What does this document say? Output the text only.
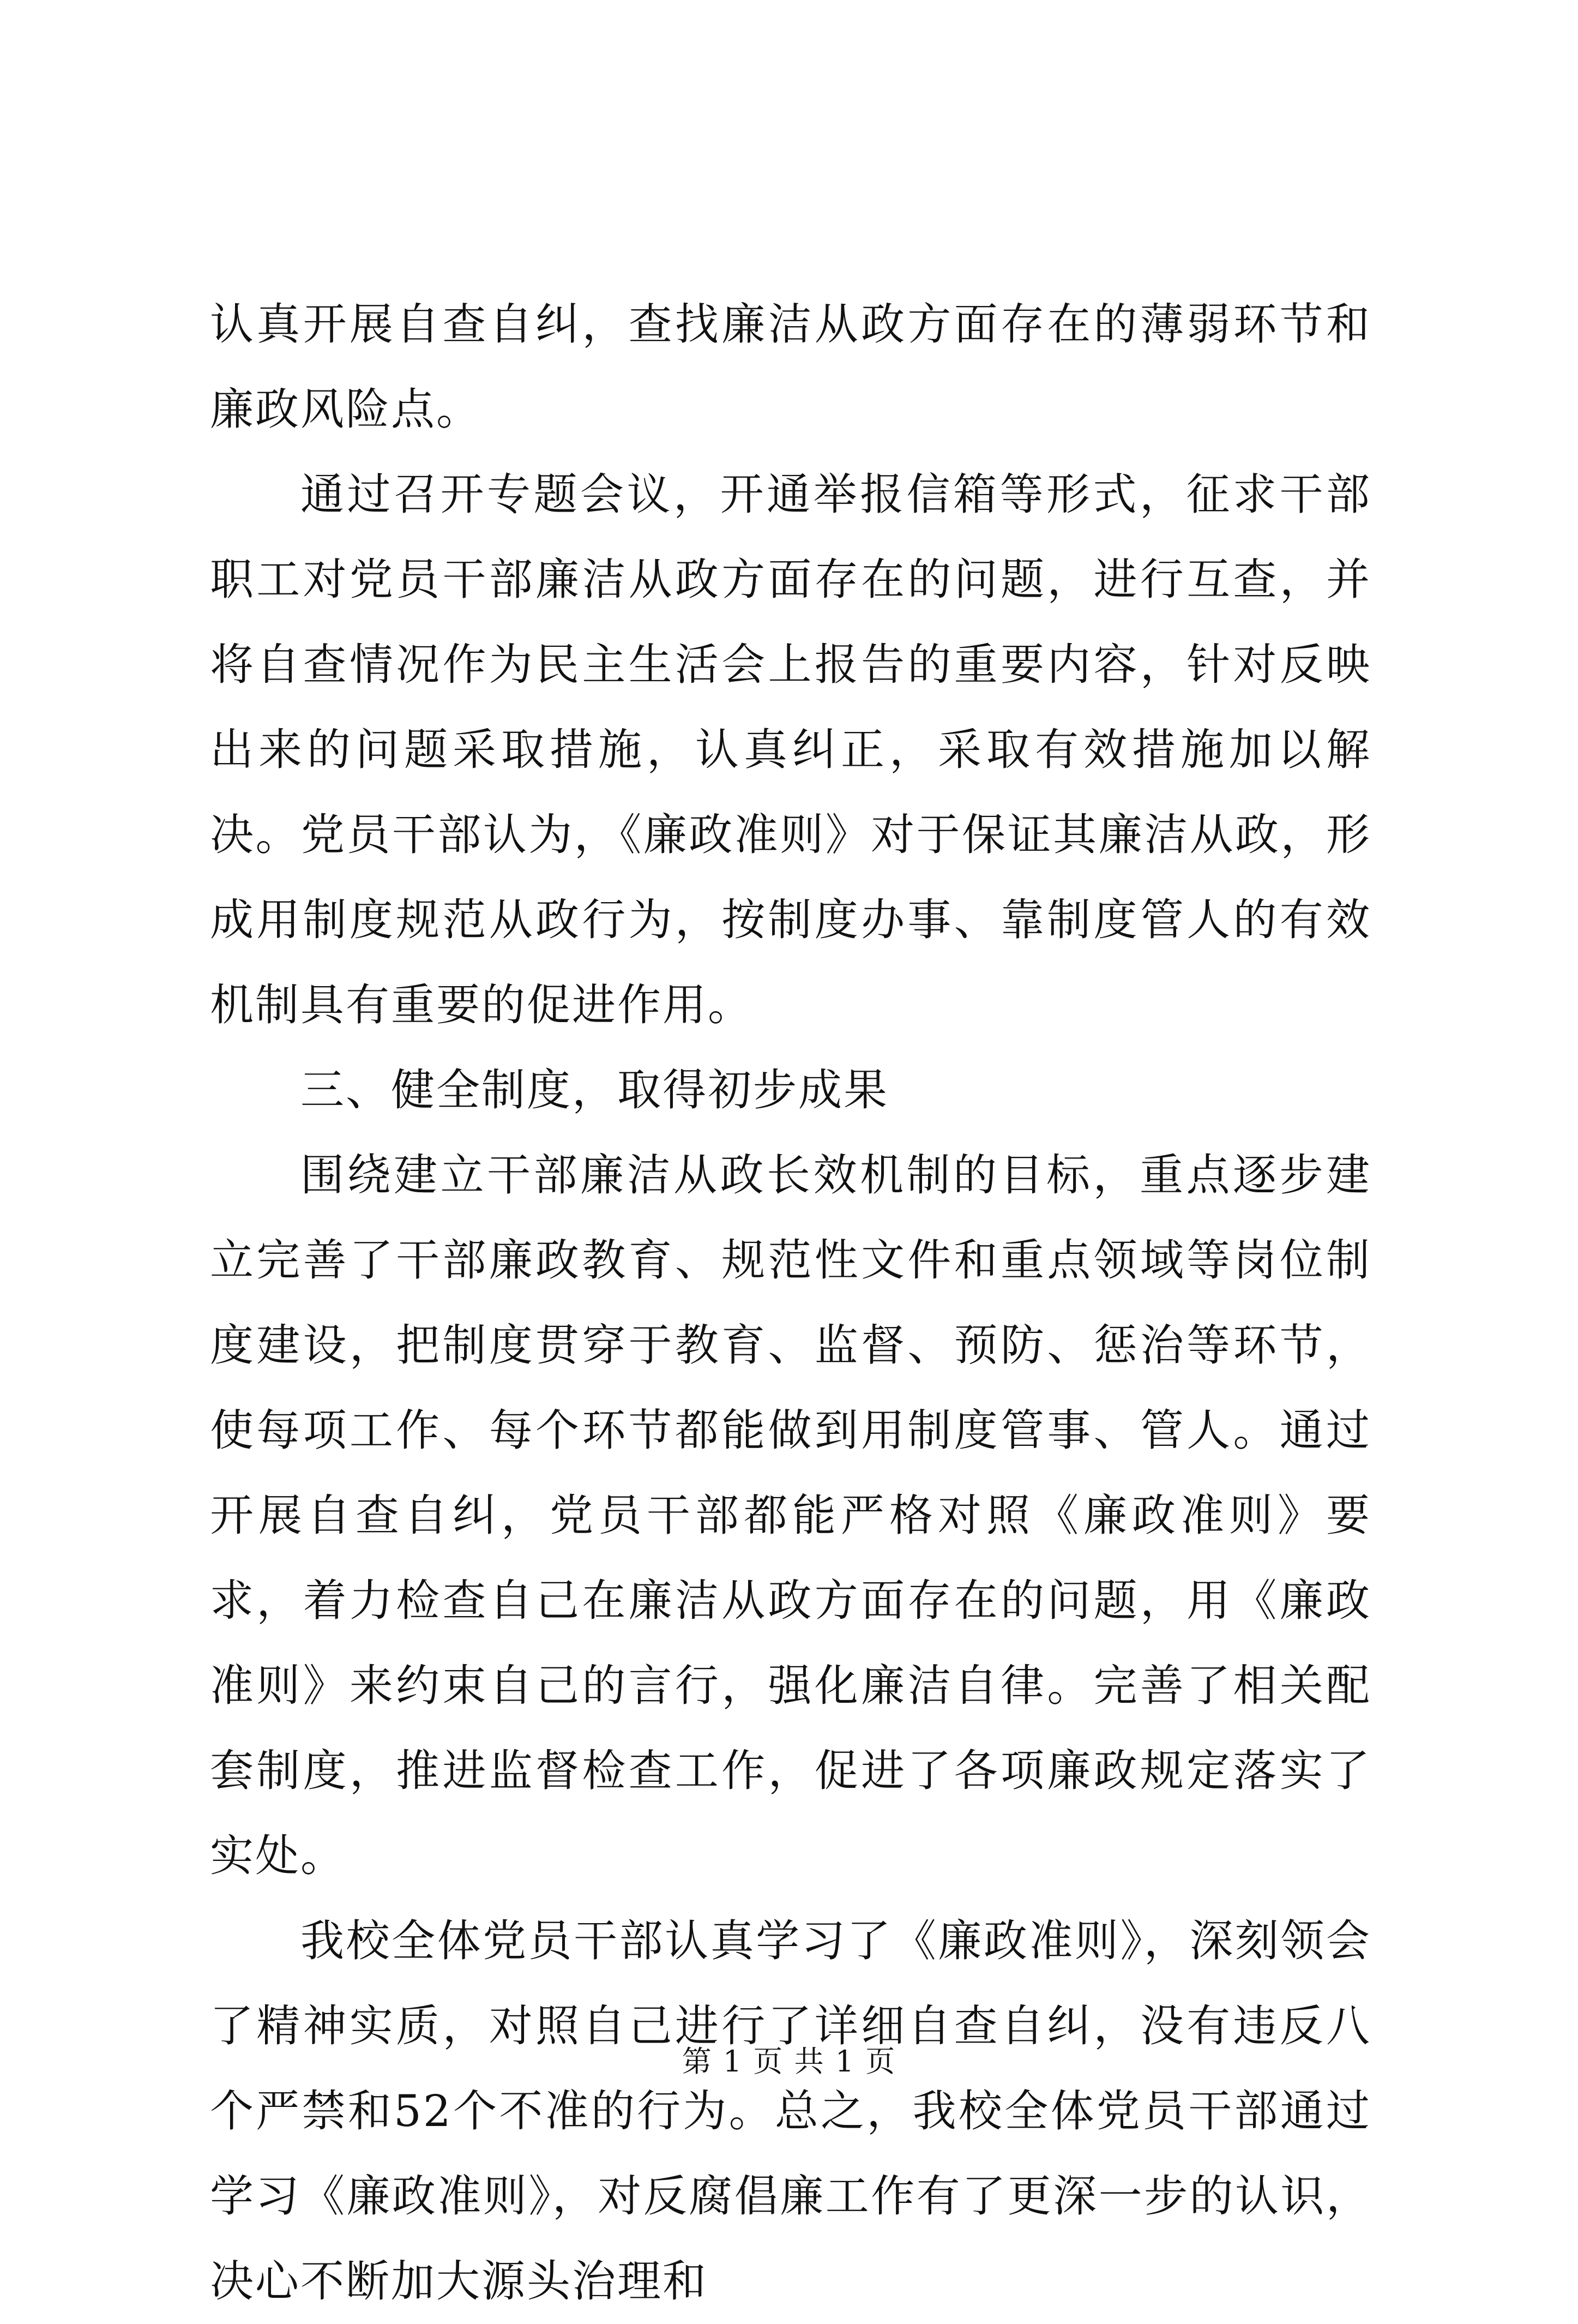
认真开展自查自纠，查找廉洁从政方面存在的薄弱环节和廉政风险点。

通过召开专题会议，开通举报信箱等形式，征求干部职工对党员干部廉洁从政方面存在的问题，进行互查，并将自查情况作为民主生活会上报告的重要内容，针对反映出来的问题采取措施，认真纠正，采取有效措施加以解决。党员干部认为，《廉政准则》对于保证其廉洁从政，形成用制度规范从政行为，按制度办事、靠制度管人的有效机制具有重要的促进作用。

三、健全制度，取得初步成果

围绕建立干部廉洁从政长效机制的目标，重点逐步建立完善了干部廉政教育、规范性文件和重点领域等岗位制度建设，把制度贯穿于教育、监督、预防、惩治等环节，使每项工作、每个环节都能做到用制度管事、管人。通过开展自查自纠，党员干部都能严格对照《廉政准则》要求，着力检查自己在廉洁从政方面存在的问题，用《廉政准则》来约束自己的言行，强化廉洁自律。完善了相关配套制度，推进监督检查工作，促进了各项廉政规定落实了实处。

我校全体党员干部认真学习了《廉政准则》，深刻领会了精神实质，对照自己进行了详细自查自纠，没有违反八个严禁和52个不准的行为。总之，我校全体党员干部通过学习《廉政准则》，对反腐倡廉工作有了更深一步的认识，决心不断加大源头治理和

第 1 页 共 1 页
